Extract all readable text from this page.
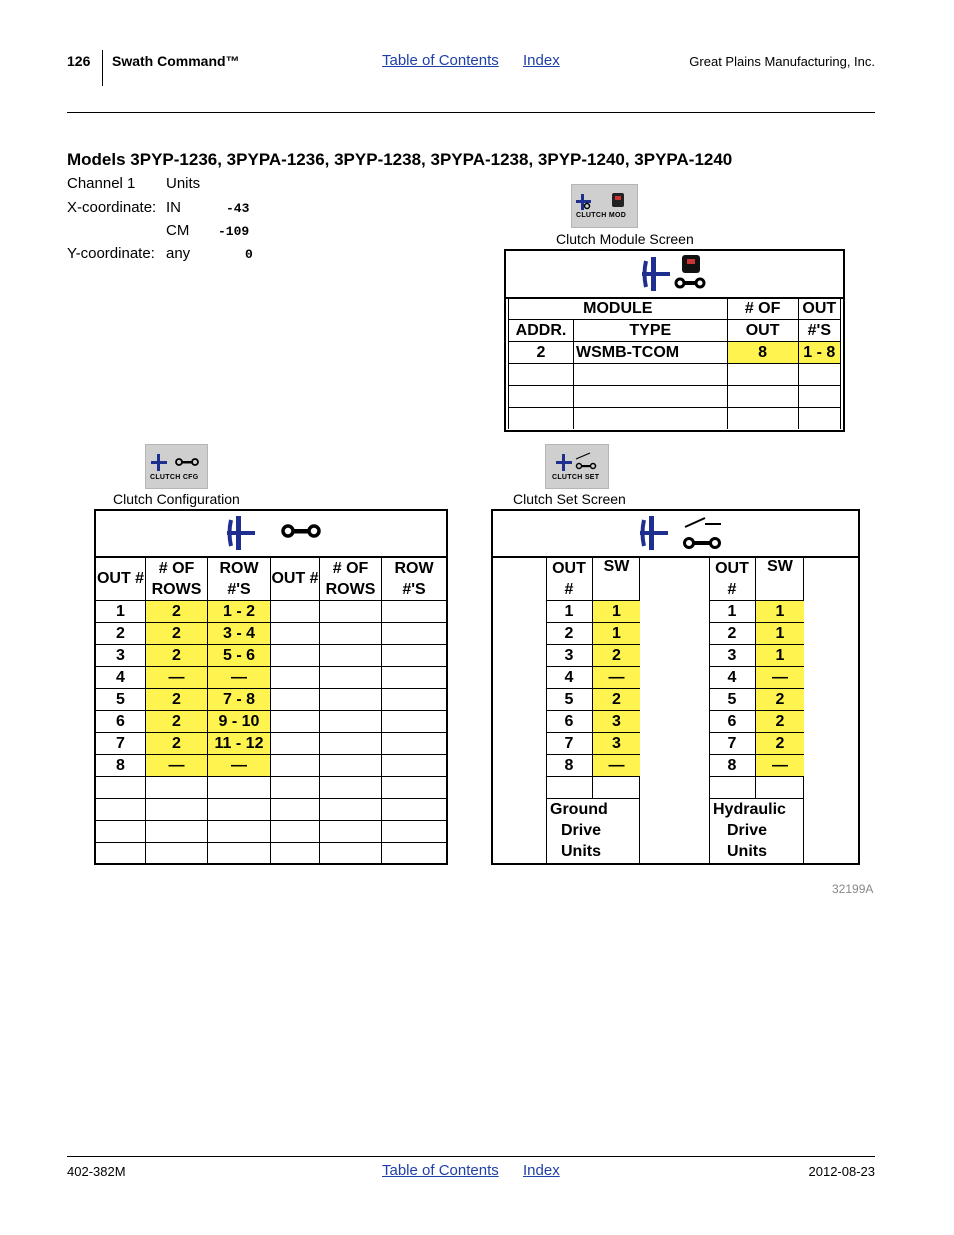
126 Swath Command™	Table of Contents Index	Great Plains Manufacturing, Inc.
Models 3PYP-1236, 3PYPA-1236, 3PYP-1238, 3PYPA-1238, 3PYP-1240, 3PYPA-1240
Channel 1 Units
X-coordinate: IN	-43
CM -109
Y-coordinate: any	0
CLUTCH MOD
Clutch Module Screen
MODULE		# OF	OUT
ADDR.	TYPE	OUT	#'S
2	WSMB-TCOM	8	1 - 8

CLUTCH CFG
Clutch Configuration
OUT #	# OF ROWS	ROW #'S	OUT #	# OF ROWS	ROW #'S
1	2	1 - 2			
2	2	3 - 4			
3	2	5 - 6			
4	—	—			
5	2	7 - 8			
6	2	9 - 10			
7	2	11 - 12			
8	—	—			

CLUTCH SET
Clutch Set Screen
OUT
#	SW
1	1
2	1
3	2
4	—
5	2
6	3
7	3
8	—

Ground
Drive
Units
OUT
#	SW
1	1
2	1
3	1
4	—
5	2
6	2
7	2
8	—

Hydraulic
Drive
Units
32199A
402-382M	Table of Contents Index	2012-08-23
